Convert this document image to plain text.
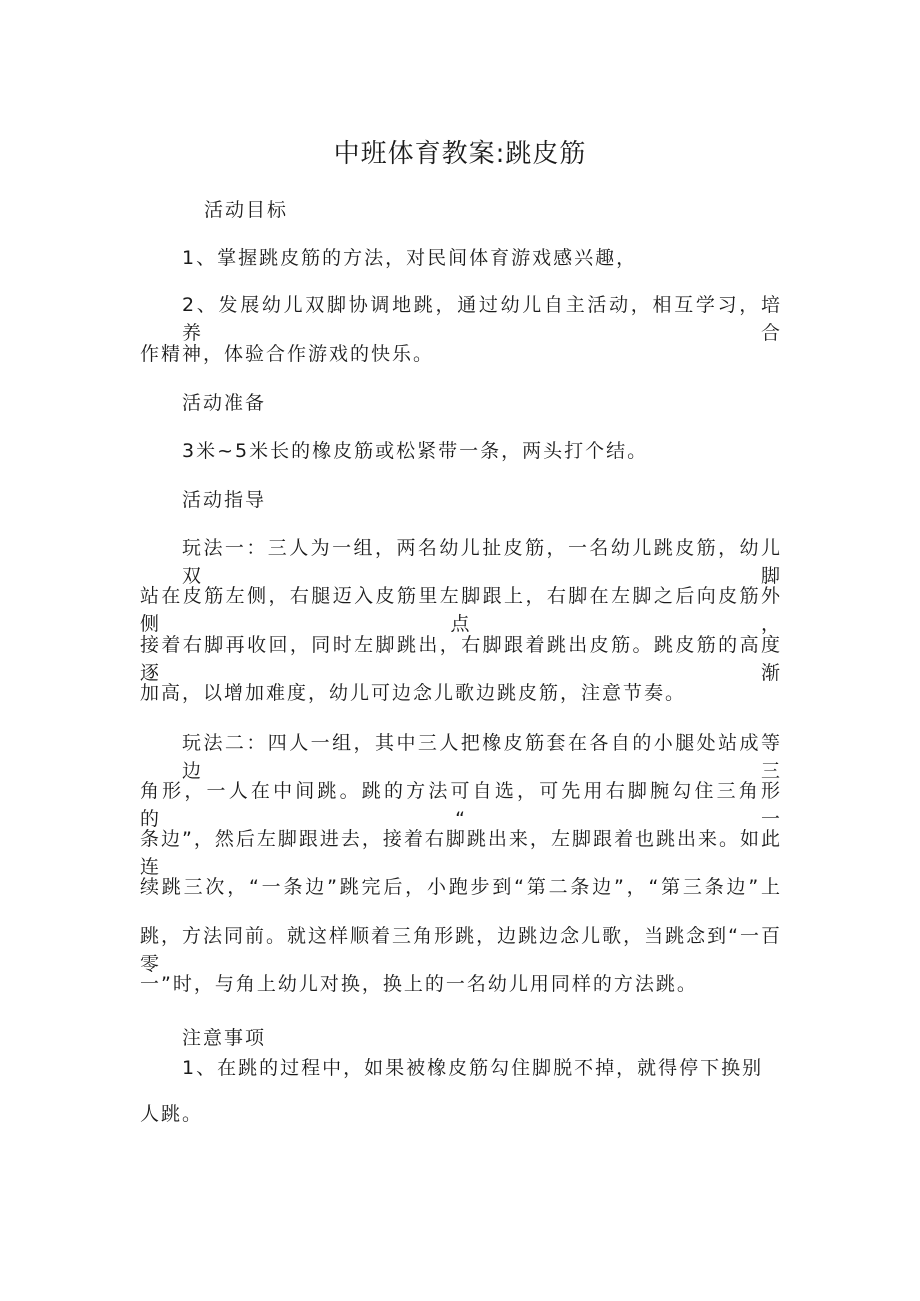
中班体育教案:跳皮筋
活动目标
1、掌握跳皮筋的方法，对民间体育游戏感兴趣，
2、发展幼儿双脚协调地跳，通过幼儿自主活动，相互学习，培养合
作精神，体验合作游戏的快乐。
活动准备
3米~5米长的橡皮筋或松紧带一条，两头打个结。
活动指导
玩法一：三人为一组，两名幼儿扯皮筋，一名幼儿跳皮筋，幼儿双脚
站在皮筋左侧，右腿迈入皮筋里左脚跟上，右脚在左脚之后向皮筋外侧点，
接着右脚再收回，同时左脚跳出，右脚跟着跳出皮筋。跳皮筋的高度逐渐
加高，以增加难度，幼儿可边念儿歌边跳皮筋，注意节奏。
玩法二：四人一组，其中三人把橡皮筋套在各自的小腿处站成等边三
角形，一人在中间跳。跳的方法可自选，可先用右脚腕勾住三角形的“一
条边”，然后左脚跟进去，接着右脚跳出来，左脚跟着也跳出来。如此连
续跳三次，“一条边”跳完后，小跑步到“第二条边”，“第三条边”上
跳，方法同前。就这样顺着三角形跳，边跳边念儿歌，当跳念到“一百零
一”时，与角上幼儿对换，换上的一名幼儿用同样的方法跳。
注意事项
1、在跳的过程中，如果被橡皮筋勾住脚脱不掉，就得停下换别
人跳。
